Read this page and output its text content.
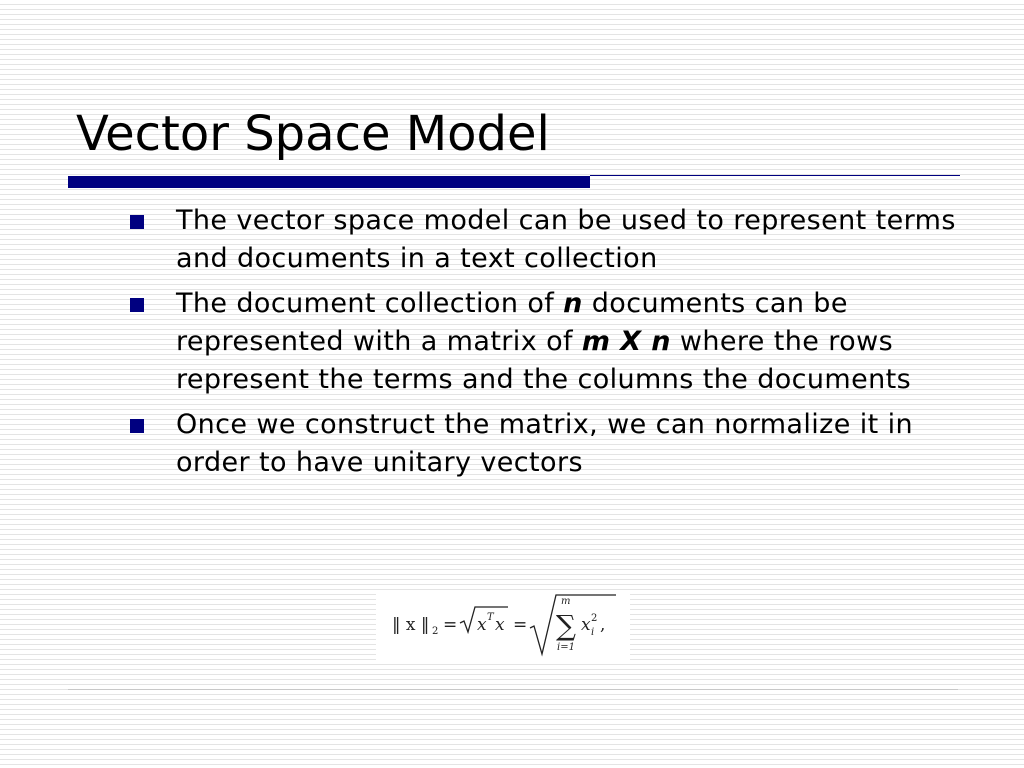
Vector Space Model
The vector space model can be used to represent terms and documents in a text collection
The document collection of n documents can be represented with a matrix of m X n where the rows represent the terms and the columns the documents
Once we construct the matrix, we can normalize it in order to have unitary vectors
‖ x ‖ 2 = x T x =
m
∑
i=1
x 2
i ,
